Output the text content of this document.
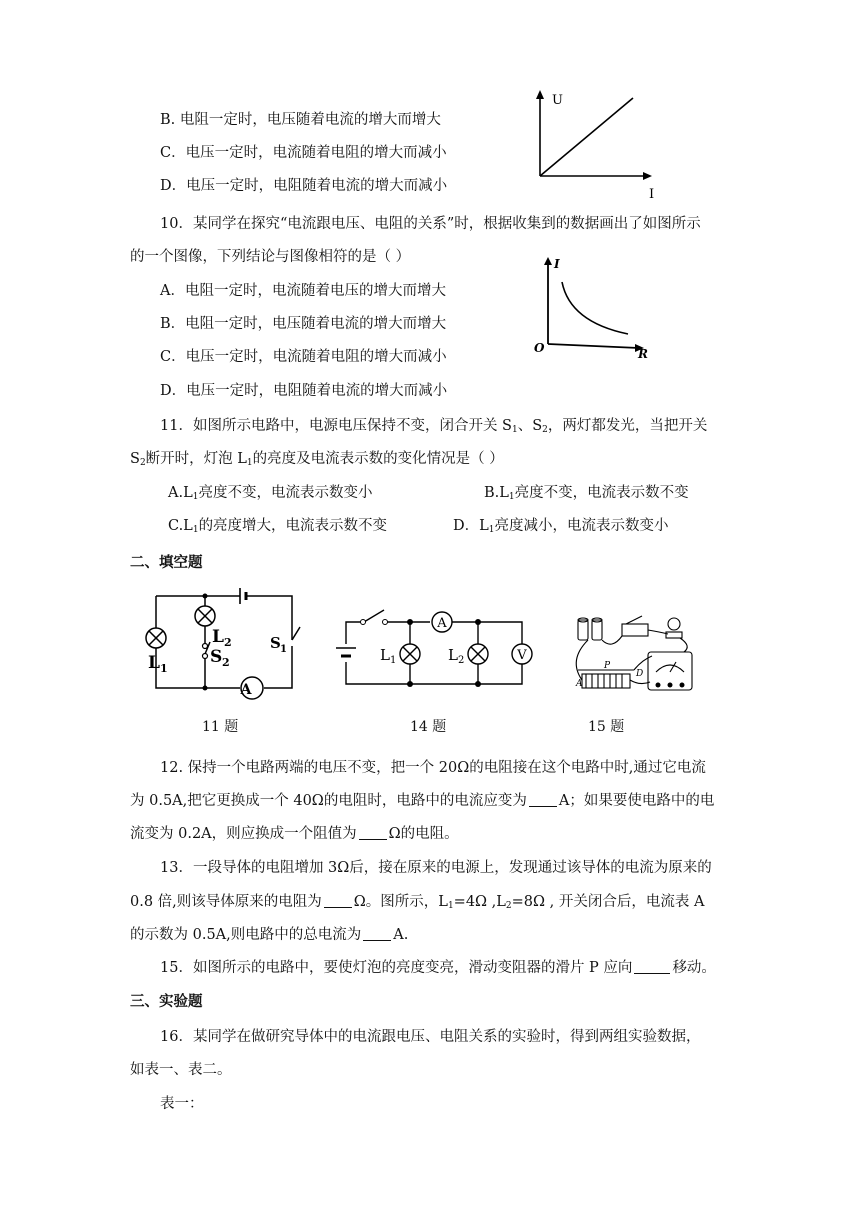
B. 电阻一定时，电压随着电流的增大而增大
C．电压一定时，电流随着电阻的增大而减小
D．电压一定时，电阻随着电流的增大而减小
U
I
10．某同学在探究“电流跟电压、电阻的关系”时，根据收集到的数据画出了如图所示
的一个图像，下列结论与图像相符的是（ ）
A．电阻一定时，电流随着电压的增大而增大
B．电阻一定时，电压随着电流的增大而增大
C．电压一定时，电流随着电阻的增大而减小
D．电压一定时，电阻随着电流的增大而减小
I
O	R
11．如图所示电路中，电源电压保持不变，闭合开关 $S_1$、$S_2$，两灯都发光，当把开关
$S_2$断开时，灯泡 $L_1$的亮度及电流表示数的变化情况是（ ）
$A.L_1$亮度不变，电流表示数变小	$B.L_1$亮度不变，电流表示数不变
$C.L_1$的亮度增大，电流表示数不变	D．$L_1$亮度减小，电流表示数变小
二、填空题
A
L 1
L 2
S 2
S 1
A
V
L 1	L 2	P
D
A
11 题	14 题	15 题
12. 保持一个电路两端的电压不变，把一个 20Ω的电阻接在这个电路中时,通过它电流
为 0.5A,把它更换成一个 40Ω的电阻时，电路中的电流应变为 A；如果要使电路中的电
流变为 0.2A，则应换成一个阻值为 Ω的电阻。
13．一段导体的电阻增加 3Ω后，接在原来的电源上，发现通过该导体的电流为原来的
0.8 倍,则该导体原来的电阻为 Ω。图所示，$L_1=4\Omega$ $,L_2=8\Omega$ , 开关闭合后，电流表 A
的示数为 0.5A,则电路中的总电流为 A.
15．如图所示的电路中，要使灯泡的亮度变亮，滑动变阻器的滑片 P 应向	移动。
三、实验题
16．某同学在做研究导体中的电流跟电压、电阻关系的实验时，得到两组实验数据，
如表一、表二。
表一：
